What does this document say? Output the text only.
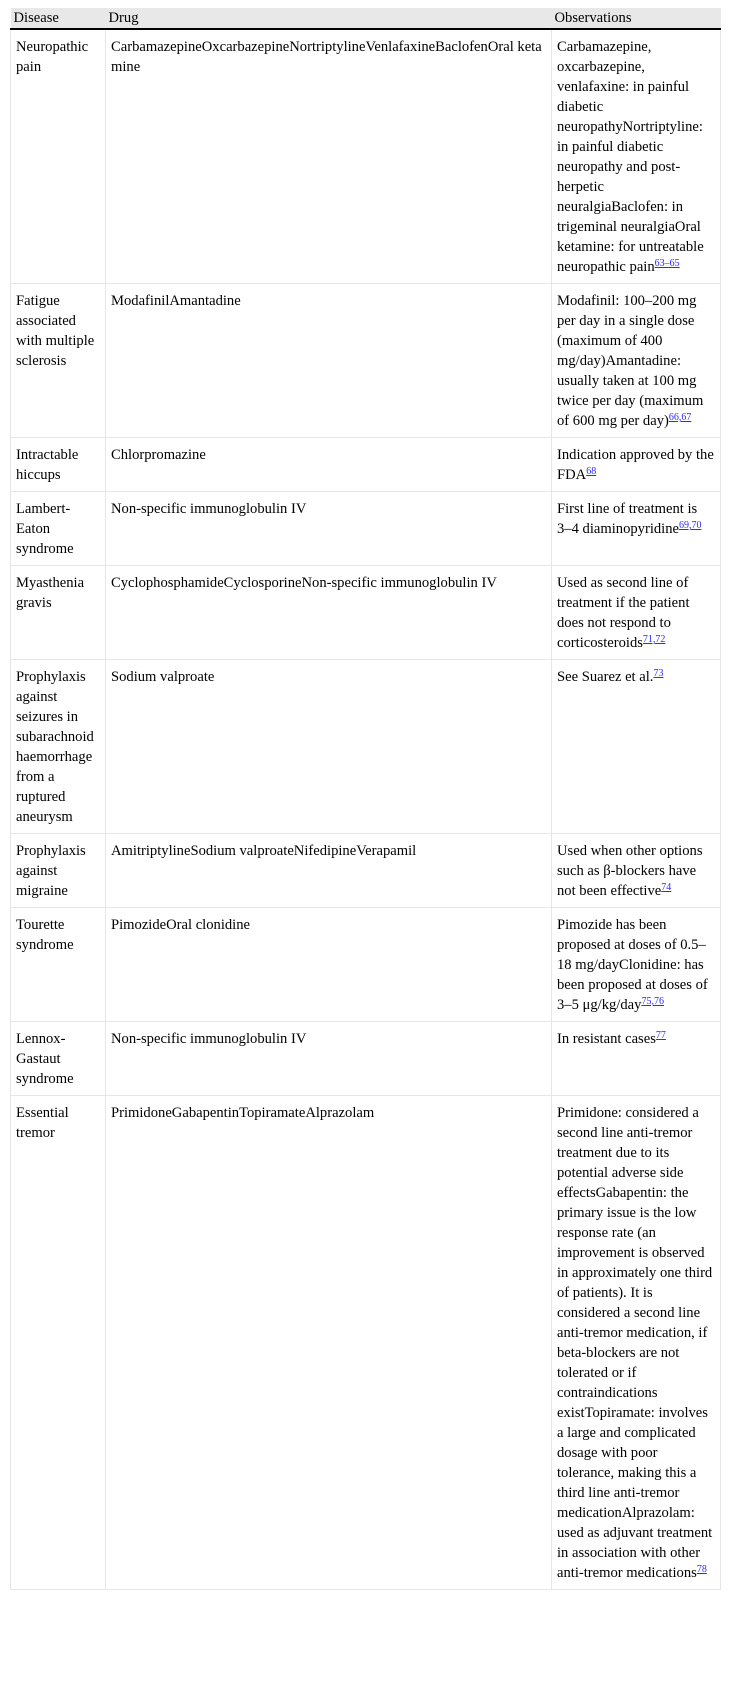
Disease	Drug	Observations
Neuropathic pain	CarbamazepineOxcarbazepineNortriptylineVenlafaxineBaclofenOral ketamine	Carbamazepine, oxcarbazepine, venlafaxine: in painful diabetic neuropathyNortriptyline: in painful diabetic neuropathy and post-herpetic neuralgiaBaclofen: in trigeminal neuralgiaOral ketamine: for untreatable neuropathic pain$^{63-65}$
Fatigue associated with multiple sclerosis	ModafinilAmantadine	Modafinil: 100–200 mg per day in a single dose (maximum of 400 mg/day)Amantadine: usually taken at 100 mg twice per day (maximum of 600 mg per day)$^{66,67}$
Intractable hiccups	Chlorpromazine	Indication approved by the FDA$^{68}$
Lambert-Eaton syndrome	Non-specific immunoglobulin IV	First line of treatment is 3–4 diaminopyridine$^{69,70}$
Myasthenia gravis	CyclophosphamideCyclosporineNon-specific immunoglobulin IV	Used as second line of treatment if the patient does not respond to corticosteroids$^{71,72}$
Prophylaxis against seizures in subarachnoid haemorrhage from a ruptured aneurysm	Sodium valproate	See Suarez et al.$^{73}$
Prophylaxis against migraine	AmitriptylineSodium valproateNifedipineVerapamil	Used when other options such as β-blockers have not been effective$^{74}$
Tourette syndrome	PimozideOral clonidine	Pimozide has been proposed at doses of 0.5–18 mg/dayClonidine: has been proposed at doses of 3–5 μg/kg/day$^{75,76}$
Lennox-Gastaut syndrome	Non-specific immunoglobulin IV	In resistant cases$^{77}$
Essential tremor	PrimidoneGabapentinTopiramateAlprazolam	Primidone: considered a second line anti-tremor treatment due to its potential adverse side effectsGabapentin: the primary issue is the low response rate (an improvement is observed in approximately one third of patients). It is considered a second line anti-tremor medication, if beta-blockers are not tolerated or if contraindications existTopiramate: involves a large and complicated dosage with poor tolerance, making this a third line anti-tremor medicationAlprazolam: used as adjuvant treatment in association with other anti-tremor medications$^{78}$
